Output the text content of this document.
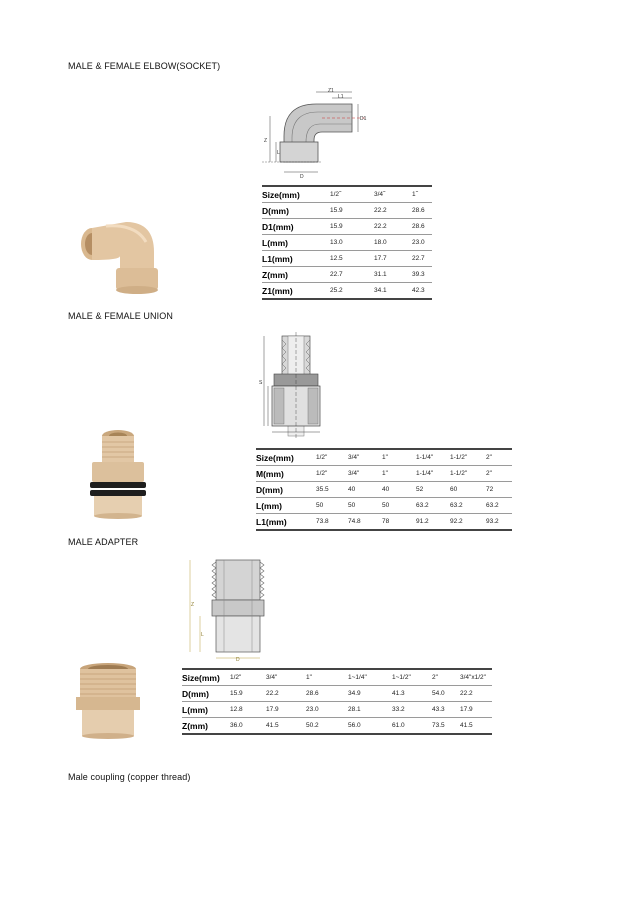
MALE & FEMALE ELBOW(SOCKET)
Z1
L1
D1
Z
L
D
Size(mm)	1/2˝	3/4˝	1˝
D(mm)	15.9	22.2	28.6
D1(mm)	15.9	22.2	28.6
L(mm)	13.0	18.0	23.0
L1(mm)	12.5	17.7	22.7
Z(mm)	22.7	31.1	39.3
Z1(mm)	25.2	34.1	42.3
MALE & FEMALE UNION
S
Size(mm)	1/2"	3/4"	1"	1-1/4"	1-1/2"	2"
M(mm)	1/2"	3/4"	1"	1-1/4"	1-1/2"	2"
D(mm)	35.5	40	40	52	60	72
L(mm)	50	50	50	63.2	63.2	63.2
L1(mm)	73.8	74.8	78	91.2	92.2	93.2
MALE ADAPTER
Z
L
D
Size(mm)	1/2"	3/4"	1"	1~1/4"	1~1/2"	2"	3/4"x1/2"
D(mm)	15.9	22.2	28.6	34.9	41.3	54.0	22.2
L(mm)	12.8	17.9	23.0	28.1	33.2	43.3	17.9
Z(mm)	36.0	41.5	50.2	56.0	61.0	73.5	41.5
Male coupling (copper thread)
